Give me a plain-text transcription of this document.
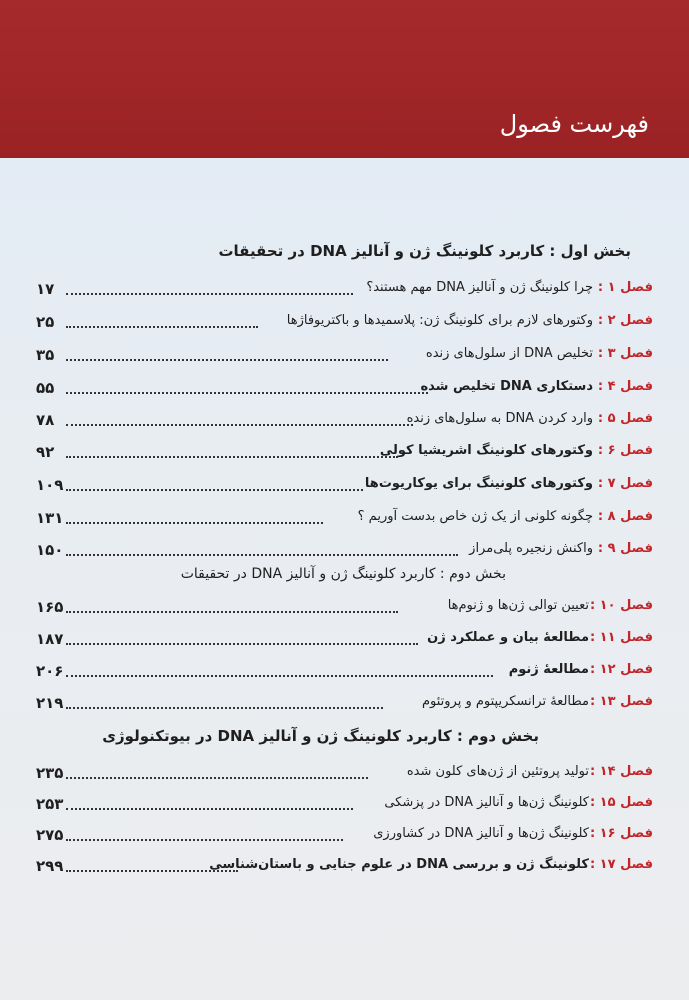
فهرست فصول
بخش اول : کاربرد کلونینگ ژن و آنالیز DNA در تحقیقات
بخش دوم : کاربرد کلونینگ ژن و آنالیز DNA در تحقیقات
بخش دوم : کاربرد کلونینگ ژن و آنالیز DNA در بیوتکنولوژی
فصل ۱ :
چرا کلونینگ ژن و آنالیز DNA مهم هستند؟
۱۷
فصل ۲ :
وکتورهای لازم برای کلونینگ ژن: پلاسمیدها و باکتریوفاژها
۲۵
فصل ۳ :
تخلیص DNA از سلول‌های زنده
۳۵
فصل ۴ :
دستکاری DNA تخلیص شده
۵۵
فصل ۵ :
وارد کردن DNA به سلول‌های زنده
۷۸
فصل ۶ :
وکتورهای کلونینگ اشریشیا کولی
۹۲
فصل ۷ :
وکتورهای کلونینگ برای یوکاریوت‌ها
۱۰۹
فصل ۸ :
چگونه کلونی از یک ژن خاص بدست آوریم ؟
۱۳۱
فصل ۹ :
واکنش زنجیره پلی‌مراز
۱۵۰
فصل ۱۰ :
تعیین توالی ژن‌ها و ژنوم‌ها
۱۶۵
فصل ۱۱ :
مطالعهٔ بیان و عملکرد ژن
۱۸۷
فصل ۱۲ :
مطالعهٔ ژنوم
۲۰۶
فصل ۱۳ :
مطالعهٔ ترانسکریپتوم و پروتئوم
۲۱۹
فصل ۱۴ :
تولید پروتئین از ژن‌های کلون شده
۲۳۵
فصل ۱۵ :
کلونینگ ژن‌ها و آنالیز DNA در پزشکی
۲۵۳
فصل ۱۶ :
کلونینگ ژن‌ها و آنالیز DNA در کشاورزی
۲۷۵
فصل ۱۷ :
کلونینگ ژن و بررسی DNA در علوم جنایی و باستان‌شناسی
۲۹۹
